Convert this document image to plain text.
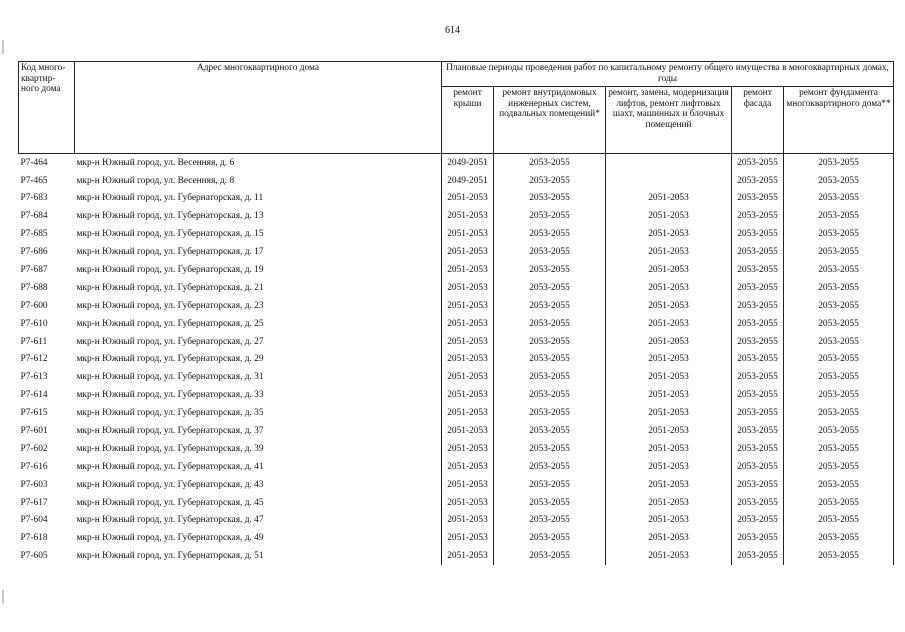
614
Код много-квартир-ного дома	Адрес многоквартирного дома	Плановые периоды проведения работ по капитальному ремонту общего имущества в многоквартирных домах, годы				
		ремонт крыши	ремонт внутридомовых инженерных систем, подвальных помещений*	ремонт, замена, модернизация лифтов, ремонт лифтовых шахт, машинных и блочных помещений	ремонт фасада	ремонт фундамента многоквартирного дома**
Р7-464	мкр-н Южный город, ул. Весенняя, д. 6	2049-2051	2053-2055		2053-2055	2053-2055
Р7-465	мкр-н Южный город, ул. Весенняя, д. 8	2049-2051	2053-2055		2053-2055	2053-2055
Р7-683	мкр-н Южный город, ул. Губернаторская, д. 11	2051-2053	2053-2055	2051-2053	2053-2055	2053-2055
Р7-684	мкр-н Южный город, ул. Губернаторская, д. 13	2051-2053	2053-2055	2051-2053	2053-2055	2053-2055
Р7-685	мкр-н Южный город, ул. Губернаторская, д. 15	2051-2053	2053-2055	2051-2053	2053-2055	2053-2055
Р7-686	мкр-н Южный город, ул. Губернаторская, д. 17	2051-2053	2053-2055	2051-2053	2053-2055	2053-2055
Р7-687	мкр-н Южный город, ул. Губернаторская, д. 19	2051-2053	2053-2055	2051-2053	2053-2055	2053-2055
Р7-688	мкр-н Южный город, ул. Губернаторская, д. 21	2051-2053	2053-2055	2051-2053	2053-2055	2053-2055
Р7-600	мкр-н Южный город, ул. Губернаторская, д. 23	2051-2053	2053-2055	2051-2053	2053-2055	2053-2055
Р7-610	мкр-н Южный город, ул. Губернаторская, д. 25	2051-2053	2053-2055	2051-2053	2053-2055	2053-2055
Р7-611	мкр-н Южный город, ул. Губернаторская, д. 27	2051-2053	2053-2055	2051-2053	2053-2055	2053-2055
Р7-612	мкр-н Южный город, ул. Губернаторская, д. 29	2051-2053	2053-2055	2051-2053	2053-2055	2053-2055
Р7-613	мкр-н Южный город, ул. Губернаторская, д. 31	2051-2053	2053-2055	2051-2053	2053-2055	2053-2055
Р7-614	мкр-н Южный город, ул. Губернаторская, д. 33	2051-2053	2053-2055	2051-2053	2053-2055	2053-2055
Р7-615	мкр-н Южный город, ул. Губернаторская, д. 35	2051-2053	2053-2055	2051-2053	2053-2055	2053-2055
Р7-601	мкр-н Южный город, ул. Губернаторская, д. 37	2051-2053	2053-2055	2051-2053	2053-2055	2053-2055
Р7-602	мкр-н Южный город, ул. Губернаторская, д. 39	2051-2053	2053-2055	2051-2053	2053-2055	2053-2055
Р7-616	мкр-н Южный город, ул. Губернаторская, д. 41	2051-2053	2053-2055	2051-2053	2053-2055	2053-2055
Р7-603	мкр-н Южный город, ул. Губернаторская, д. 43	2051-2053	2053-2055	2051-2053	2053-2055	2053-2055
Р7-617	мкр-н Южный город, ул. Губернаторская, д. 45	2051-2053	2053-2055	2051-2053	2053-2055	2053-2055
Р7-604	мкр-н Южный город, ул. Губернаторская, д. 47	2051-2053	2053-2055	2051-2053	2053-2055	2053-2055
Р7-618	мкр-н Южный город, ул. Губернаторская, д. 49	2051-2053	2053-2055	2051-2053	2053-2055	2053-2055
Р7-605	мкр-н Южный город, ул. Губернаторская, д. 51	2051-2053	2053-2055	2051-2053	2053-2055	2053-2055
